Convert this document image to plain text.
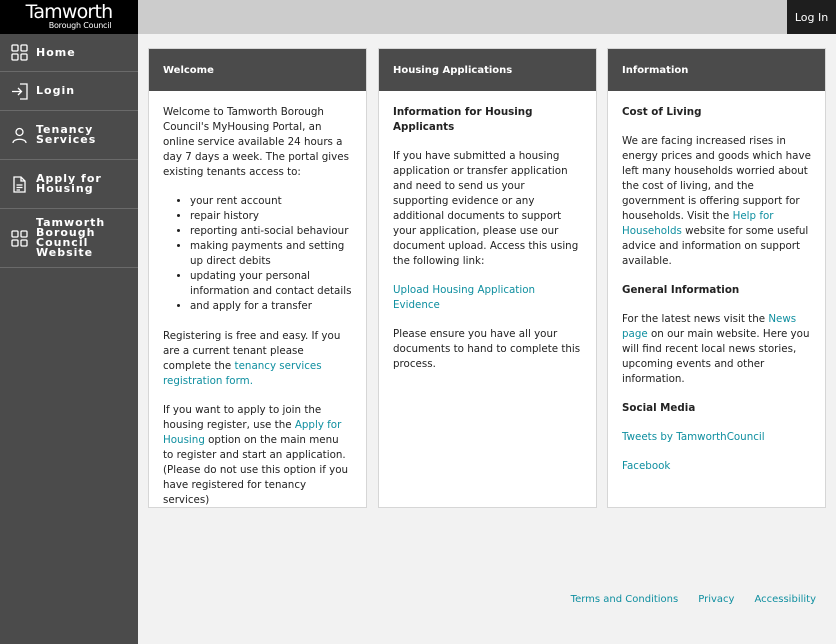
Tamworth
Borough Council
Home
Login
Tenancy Services
Apply for Housing
Tamworth Borough Council Website
Log In
Welcome

Welcome to Tamworth Borough Council's MyHousing Portal, an online service available 24 hours a day 7 days a week. The portal gives existing tenants access to:

• your rent account
• repair history
• reporting anti-social behaviour
• making payments and setting up direct debits
• updating your personal information and contact details
• and apply for a transfer

Registering is free and easy. If you are a current tenant please complete the tenancy services registration form.

If you want to apply to join the housing register, use the Apply for Housing option on the main menu to register and start an application. (Please do not use this option if you have registered for tenancy services)

Housing Applications
Information for Housing Applicants

If you have submitted a housing application or transfer application and need to send us your supporting evidence or any additional documents to support your application, please use our document upload. Access this using the following link:

Upload Housing Application Evidence

Please ensure you have all your documents to hand to complete this process.

Information
Cost of Living

We are facing increased rises in energy prices and goods which have left many households worried about the cost of living, and the government is offering support for households. Visit the Help for Households website for some useful advice and information on support available.

General Information

For the latest news visit the News page on our main website. Here you will find recent local news stories, upcoming events and other information.

Social Media

Tweets by TamworthCouncil

Facebook

Terms and Conditions Privacy Accessibility
